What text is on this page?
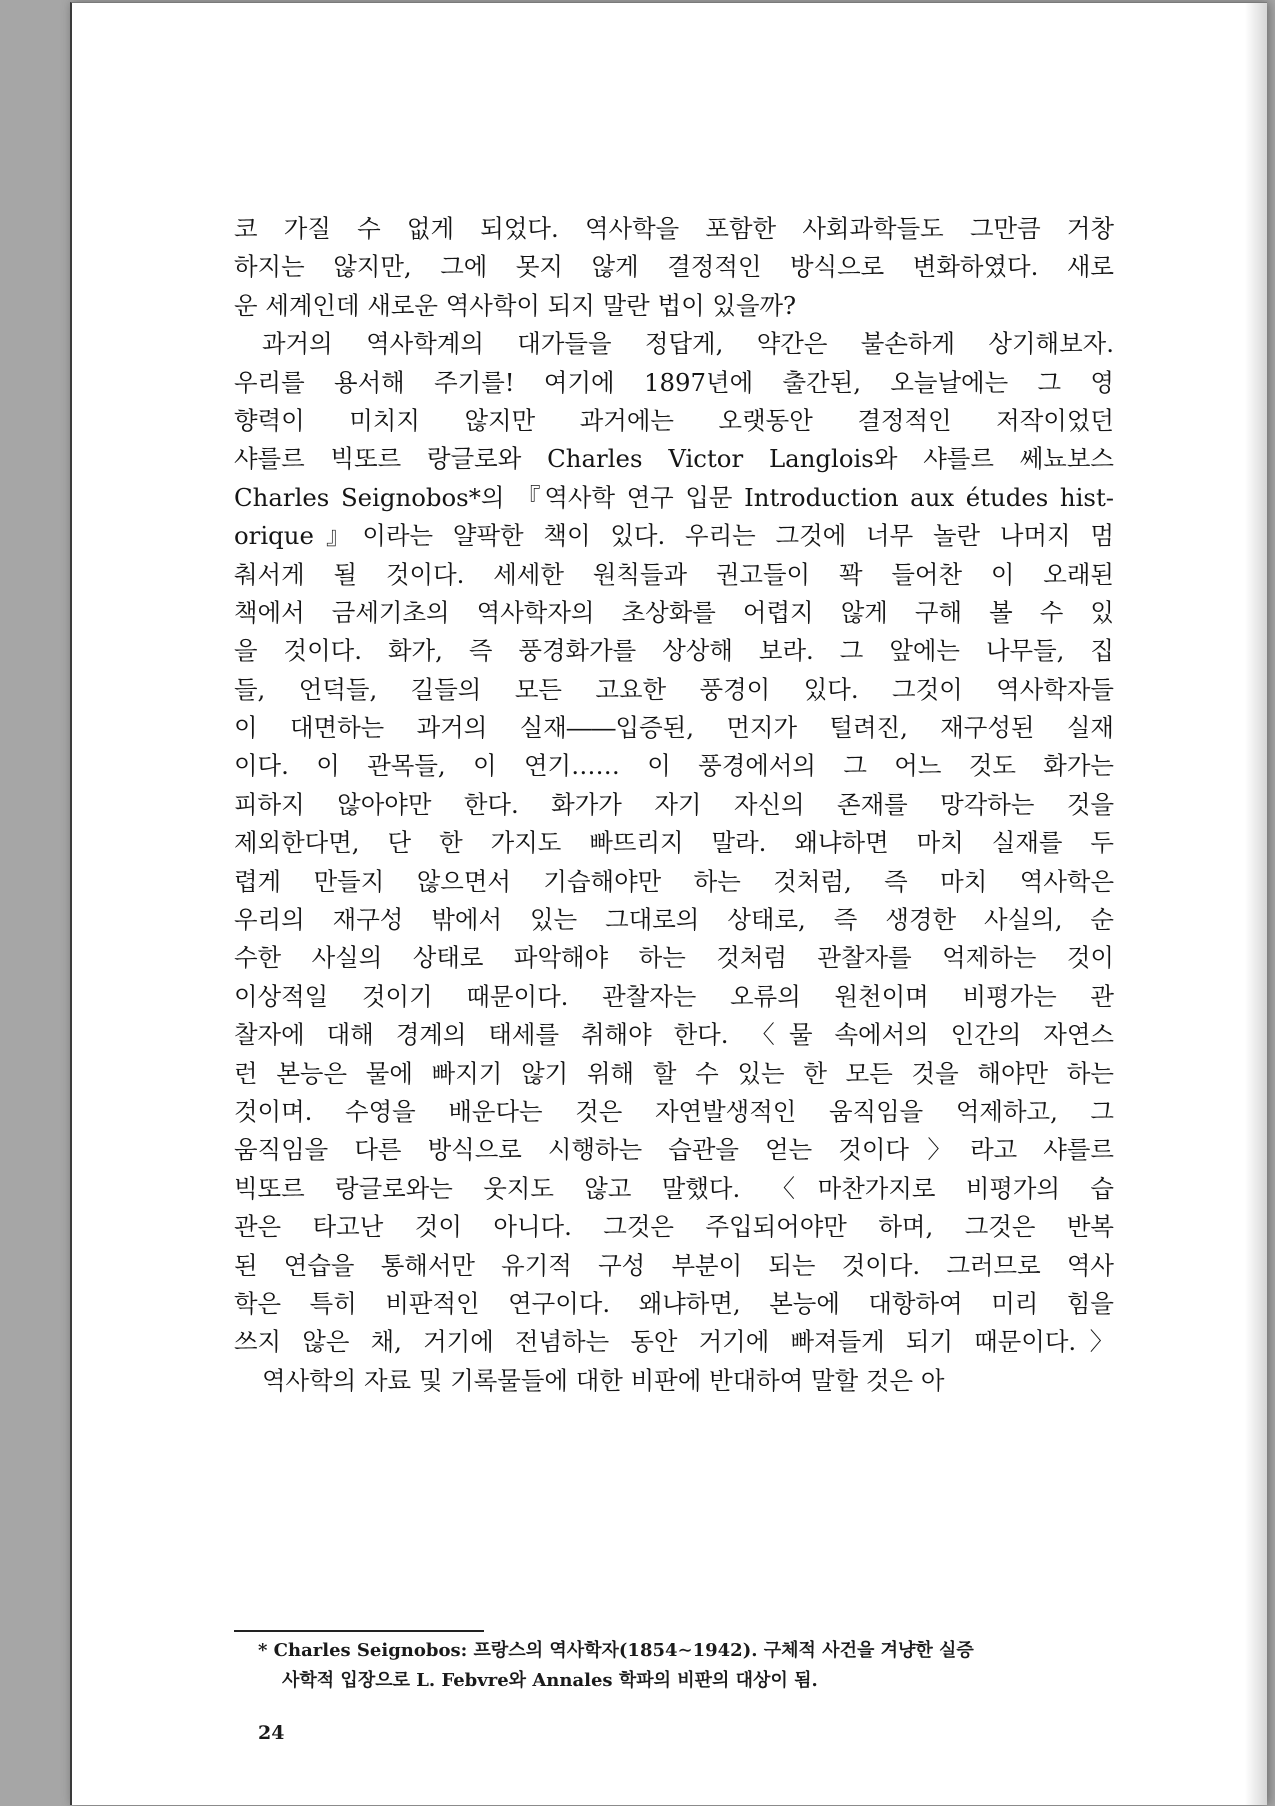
코 가질 수 없게 되었다. 역사학을 포함한 사회과학들도 그만큼 거창
하지는 않지만, 그에 못지 않게 결정적인 방식으로 변화하였다. 새로
운 세계인데 새로운 역사학이 되지 말란 법이 있을까?
과거의 역사학계의 대가들을 정답게, 약간은 불손하게 상기해보자.
우리를 용서해 주기를! 여기에 1897년에 출간된, 오늘날에는 그 영
향력이 미치지 않지만 과거에는 오랫동안 결정적인 저작이었던
샤를르 빅또르 랑글로와 Charles Victor Langlois와 샤를르 쎄뇨보스
Charles Seignobos*의 『역사학 연구 입문 Introduction aux études hist-
orique』이라는 얄팍한 책이 있다. 우리는 그것에 너무 놀란 나머지 멈
춰서게 될 것이다. 세세한 원칙들과 권고들이 꽉 들어찬 이 오래된
책에서 금세기초의 역사학자의 초상화를 어렵지 않게 구해 볼 수 있
을 것이다. 화가, 즉 풍경화가를 상상해 보라. 그 앞에는 나무들, 집
들, 언덕들, 길들의 모든 고요한 풍경이 있다. 그것이 역사학자들
이 대면하는 과거의 실재――입증된, 먼지가 털려진, 재구성된 실재
이다. 이 관목들, 이 연기…… 이 풍경에서의 그 어느 것도 화가는
피하지 않아야만 한다. 화가가 자기 자신의 존재를 망각하는 것을
제외한다면, 단 한 가지도 빠뜨리지 말라. 왜냐하면 마치 실재를 두
렵게 만들지 않으면서 기습해야만 하는 것처럼, 즉 마치 역사학은
우리의 재구성 밖에서 있는 그대로의 상태로, 즉 생경한 사실의, 순
수한 사실의 상태로 파악해야 하는 것처럼 관찰자를 억제하는 것이
이상적일 것이기 때문이다. 관찰자는 오류의 원천이며 비평가는 관
찰자에 대해 경계의 태세를 취해야 한다. 〈물 속에서의 인간의 자연스
런 본능은 물에 빠지기 않기 위해 할 수 있는 한 모든 것을 해야만 하는
것이며. 수영을 배운다는 것은 자연발생적인 움직임을 억제하고, 그
움직임을 다른 방식으로 시행하는 습관을 얻는 것이다〉라고 샤를르
빅또르 랑글로와는 웃지도 않고 말했다. 〈마찬가지로 비평가의 습
관은 타고난 것이 아니다. 그것은 주입되어야만 하며, 그것은 반복
된 연습을 통해서만 유기적 구성 부분이 되는 것이다. 그러므로 역사
학은 특히 비판적인 연구이다. 왜냐하면, 본능에 대항하여 미리 힘을
쓰지 않은 채, 거기에 전념하는 동안 거기에 빠져들게 되기 때문이다.〉
역사학의 자료 및 기록물들에 대한 비판에 반대하여 말할 것은 아
* Charles Seignobos: 프랑스의 역사학자(1854∼1942). 구체적 사건을 겨냥한 실증
사학적 입장으로 L. Febvre와 Annales 학파의 비판의 대상이 됨.
24
